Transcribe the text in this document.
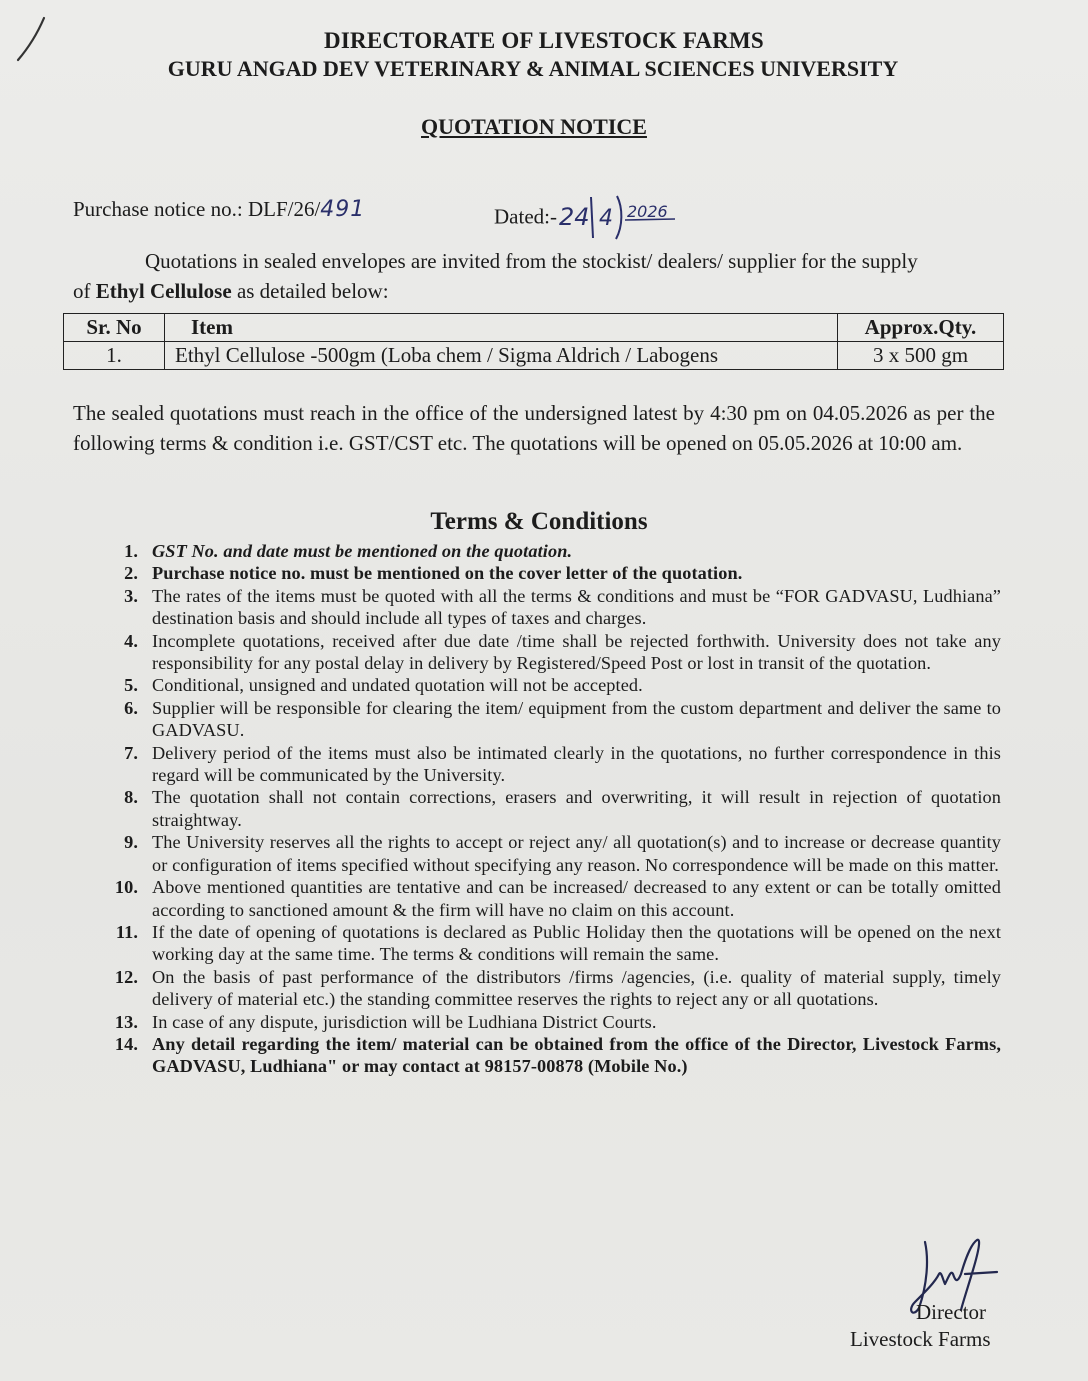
DIRECTORATE OF LIVESTOCK FARMS
GURU ANGAD DEV VETERINARY & ANIMAL SCIENCES UNIVERSITY
QUOTATION NOTICE
Purchase notice no.: DLF/26/491	Dated:- 24 4 2026
Quotations in sealed envelopes are invited from the stockist/ dealers/ supplier for the supply
of Ethyl Cellulose as detailed below:
Sr. No	Item	Approx.Qty.
1.	Ethyl Cellulose -500gm (Loba chem / Sigma Aldrich / Labogens	3 x 500 gm
The sealed quotations must reach in the office of the undersigned latest by 4:30 pm on 04.05.2026 as per the following terms & condition i.e. GST/CST etc. The quotations will be opened on 05.05.2026 at 10:00 am.
Terms & Conditions
1. GST No. and date must be mentioned on the quotation.
2. Purchase notice no. must be mentioned on the cover letter of the quotation.
3. The rates of the items must be quoted with all the terms & conditions and must be “FOR GADVASU, Ludhiana” destination basis and should include all types of taxes and charges.
4. Incomplete quotations, received after due date /time shall be rejected forthwith. University does not take any responsibility for any postal delay in delivery by Registered/Speed Post or lost in transit of the quotation.
5. Conditional, unsigned and undated quotation will not be accepted.
6. Supplier will be responsible for clearing the item/ equipment from the custom department and deliver the same to GADVASU.
7. Delivery period of the items must also be intimated clearly in the quotations, no further correspondence in this regard will be communicated by the University.
8. The quotation shall not contain corrections, erasers and overwriting, it will result in rejection of quotation straightway.
9. The University reserves all the rights to accept or reject any/ all quotation(s) and to increase or decrease quantity or configuration of items specified without specifying any reason. No correspondence will be made on this matter.
10. Above mentioned quantities are tentative and can be increased/ decreased to any extent or can be totally omitted according to sanctioned amount & the firm will have no claim on this account.
11. If the date of opening of quotations is declared as Public Holiday then the quotations will be opened on the next working day at the same time. The terms & conditions will remain the same.
12. On the basis of past performance of the distributors /firms /agencies, (i.e. quality of material supply, timely delivery of material etc.) the standing committee reserves the rights to reject any or all quotations.
13. In case of any dispute, jurisdiction will be Ludhiana District Courts.
14. Any detail regarding the item/ material can be obtained from the office of the Director, Livestock Farms, GADVASU, Ludhiana" or may contact at 98157-00878 (Mobile No.)
Director
Livestock Farms
